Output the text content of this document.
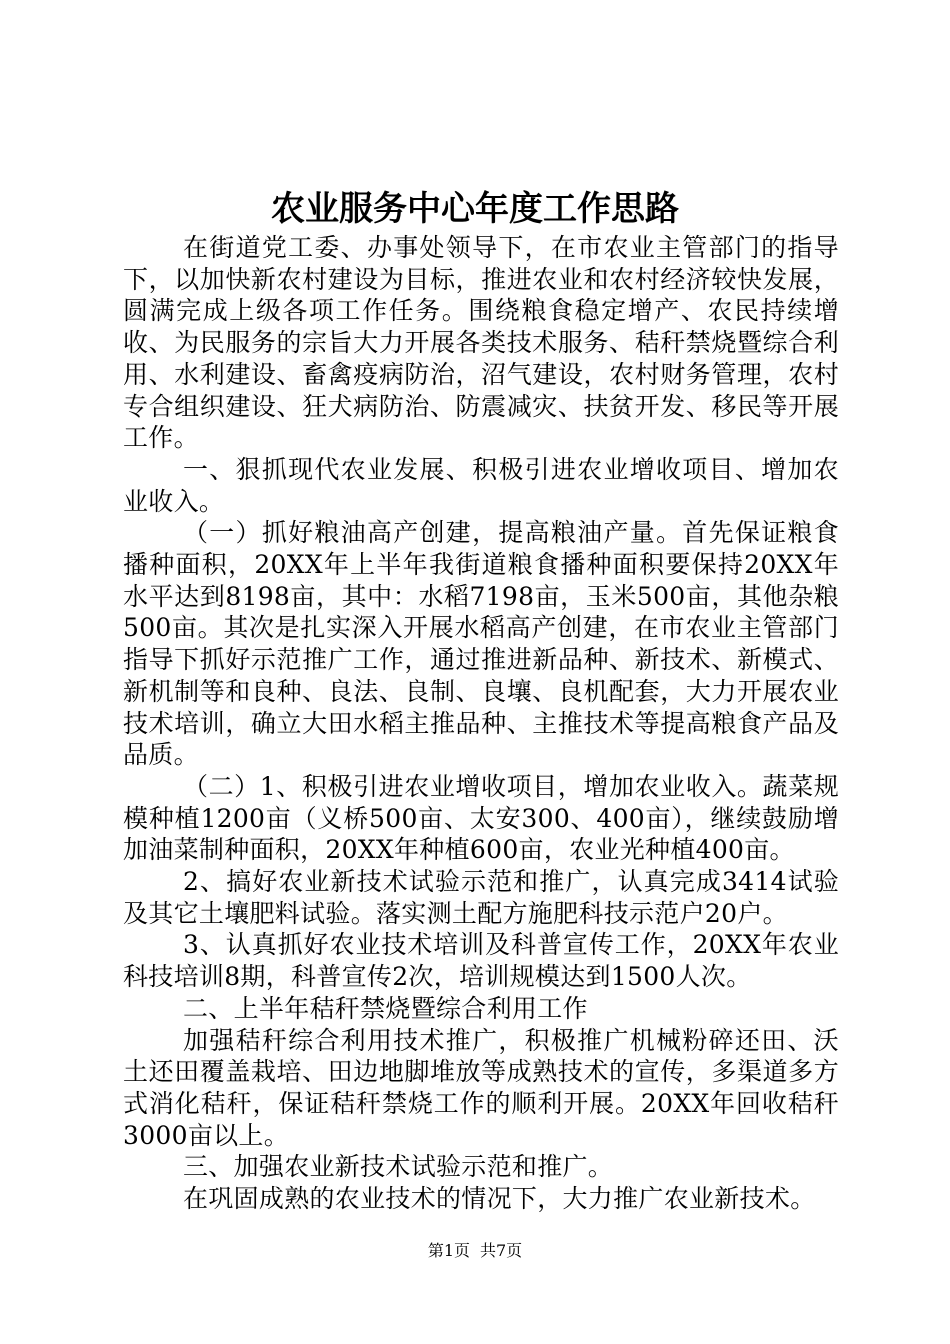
农业服务中心年度工作思路

在街道党工委、办事处领导下，在市农业主管部门的指导下，以加快新农村建设为目标，推进农业和农村经济较快发展，圆满完成上级各项工作任务。围绕粮食稳定增产、农民持续增收、为民服务的宗旨大力开展各类技术服务、秸秆禁烧暨综合利用、水利建设、畜禽疫病防治，沼气建设，农村财务管理，农村专合组织建设、狂犬病防治、防震减灾、扶贫开发、移民等开展工作。

一、狠抓现代农业发展、积极引进农业增收项目、增加农业收入。

（一）抓好粮油高产创建，提高粮油产量。首先保证粮食播种面积，20XX年上半年我街道粮食播种面积要保持20XX年水平达到8198亩，其中：水稻7198亩，玉米500亩，其他杂粮500亩。其次是扎实深入开展水稻高产创建，在市农业主管部门指导下抓好示范推广工作，通过推进新品种、新技术、新模式、新机制等和良种、良法、良制、良壤、良机配套，大力开展农业技术培训，确立大田水稻主推品种、主推技术等提高粮食产品及品质。

（二）1、积极引进农业增收项目，增加农业收入。蔬菜规模种植1200亩（义桥500亩、太安300、400亩），继续鼓励增加油菜制种面积，20XX年种植600亩，农业光种植400亩。

2、搞好农业新技术试验示范和推广，认真完成3414试验及其它土壤肥料试验。落实测土配方施肥科技示范户20户。

3、认真抓好农业技术培训及科普宣传工作，20XX年农业科技培训8期，科普宣传2次，培训规模达到1500人次。

二、上半年秸秆禁烧暨综合利用工作

加强秸秆综合利用技术推广，积极推广机械粉碎还田、沃土还田覆盖栽培、田边地脚堆放等成熟技术的宣传，多渠道多方式消化秸秆，保证秸秆禁烧工作的顺利开展。20XX年回收秸秆3000亩以上。

三、加强农业新技术试验示范和推广。

在巩固成熟的农业技术的情况下，大力推广农业新技术。

第1页 共7页
